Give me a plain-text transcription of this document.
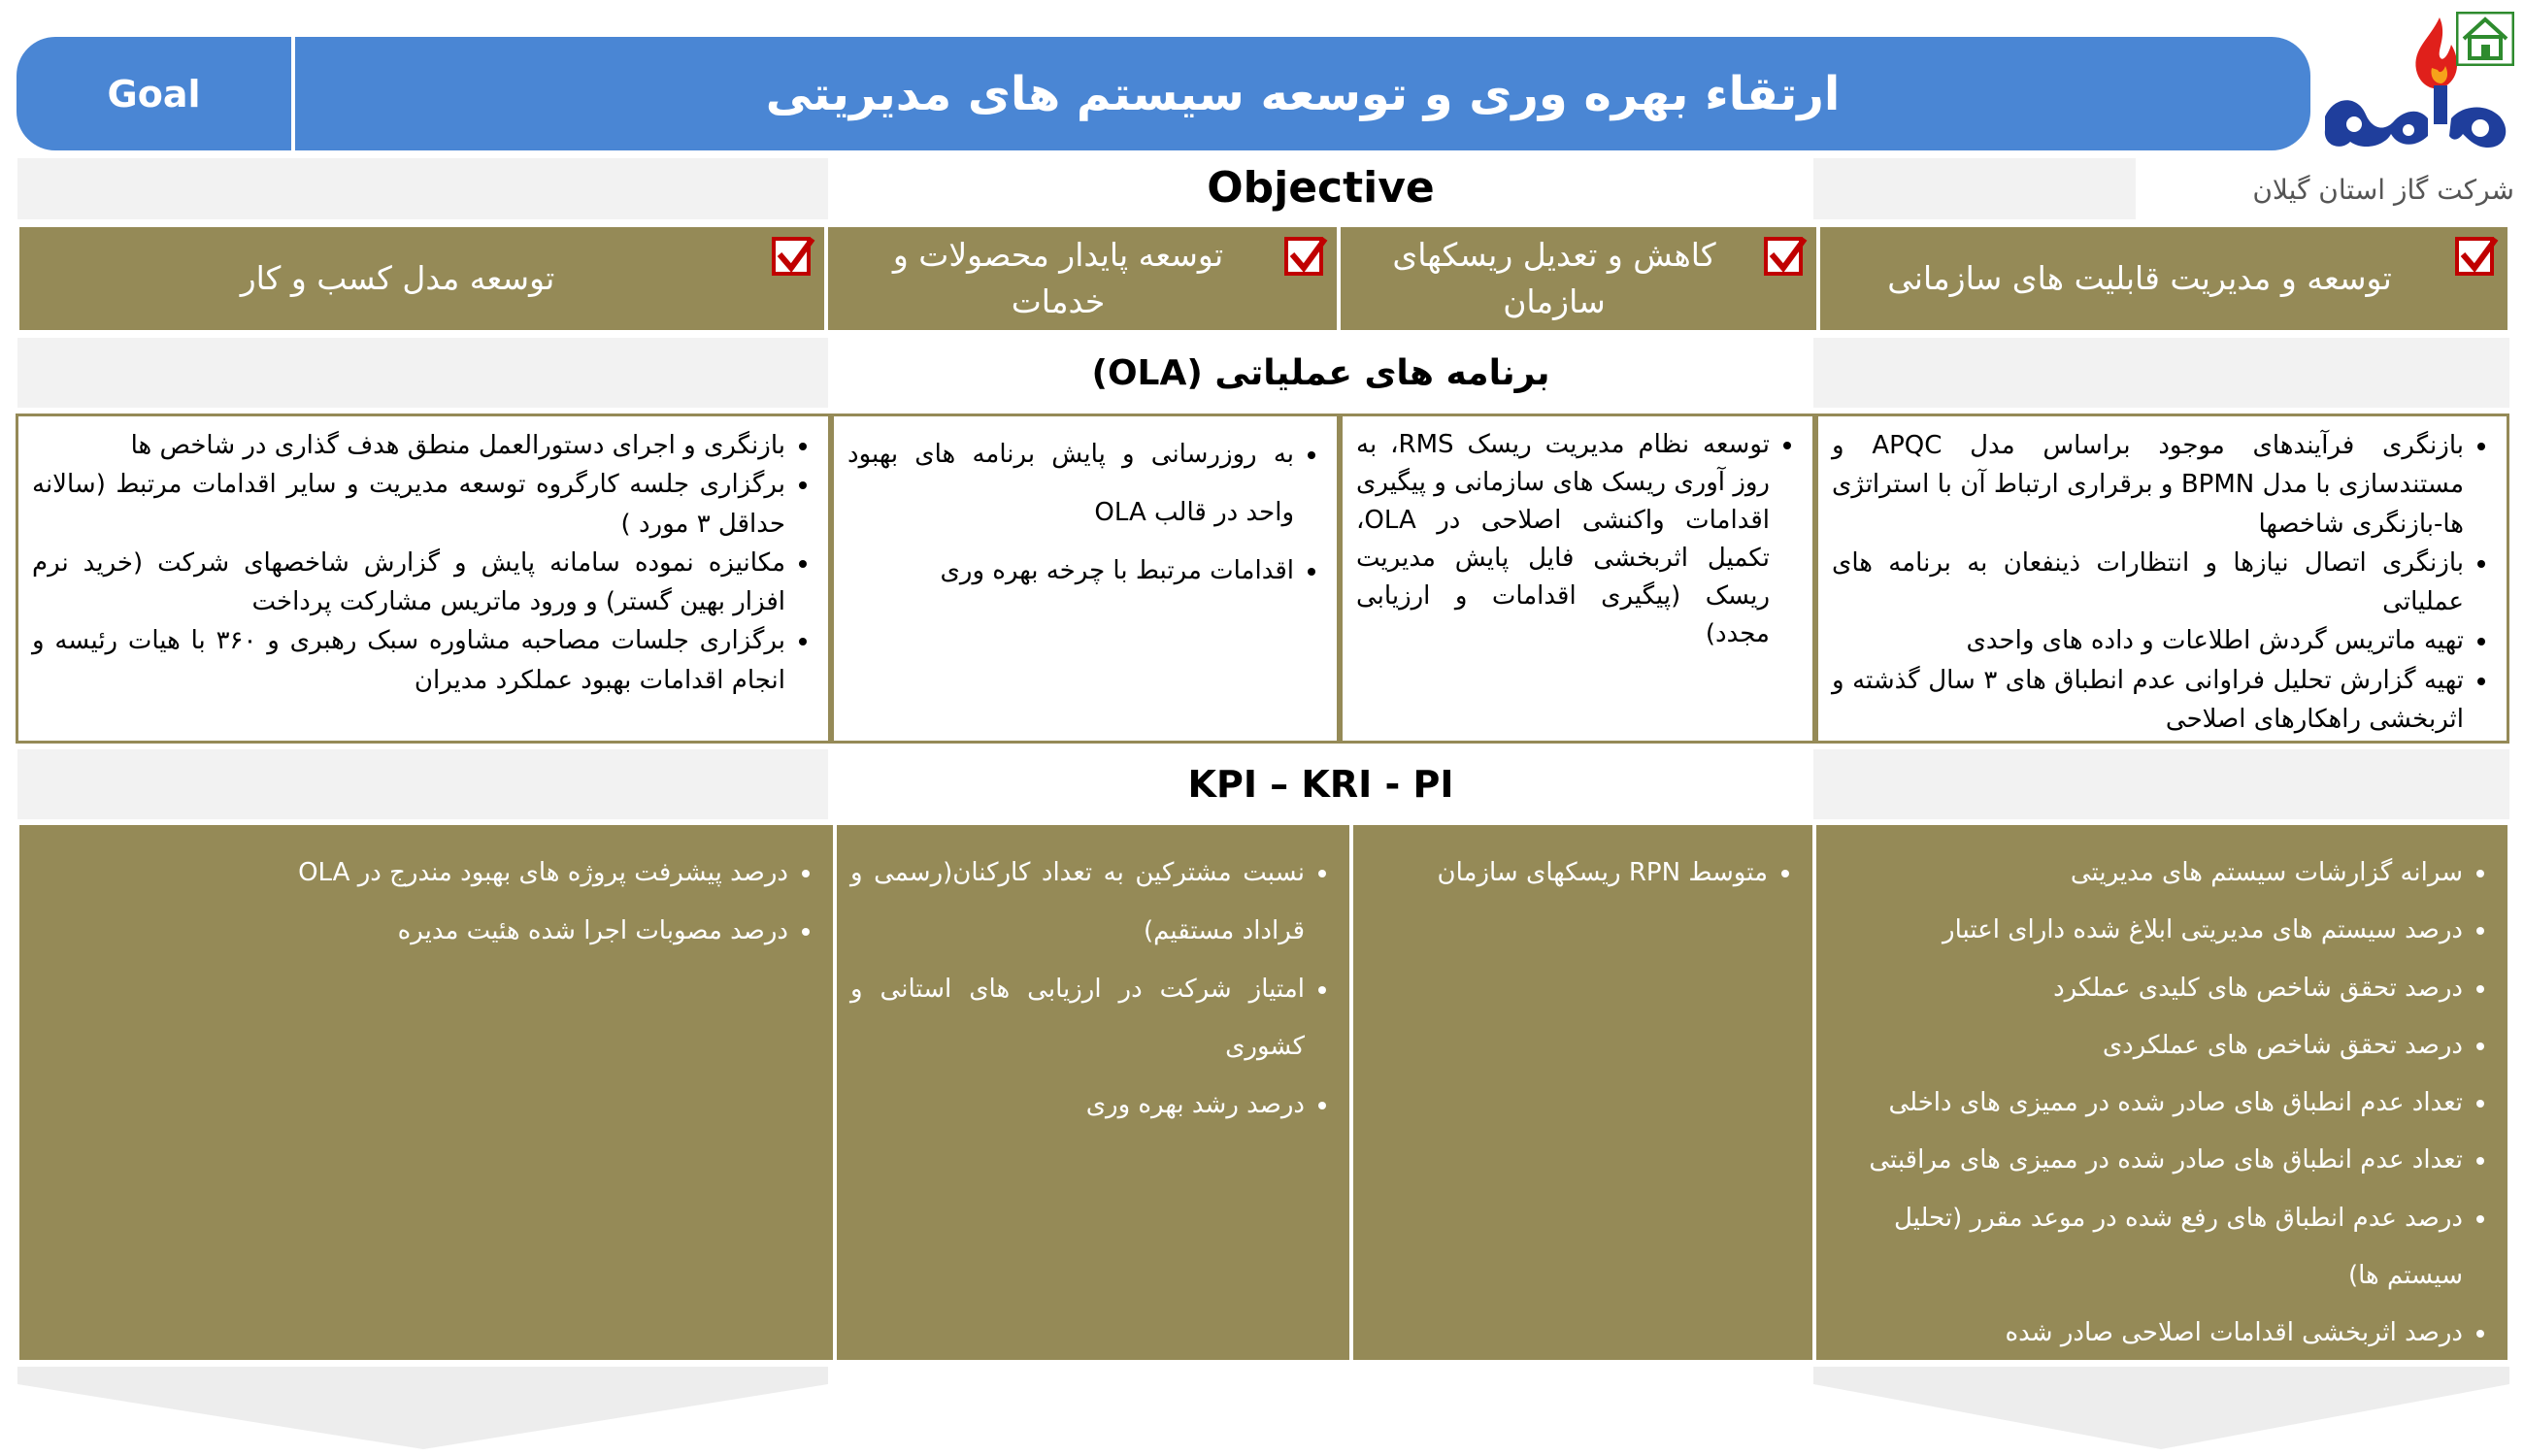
Goal	ارتقاء بهره وری و توسعه سیستم های مدیریتی
شرکت گاز استان گیلان
Objective
توسعه و مدیریت قابلیت های سازمانی
کاهش و تعدیل ریسکهای سازمان
توسعه پایدار محصولات و خدمات
توسعه مدل کسب و کار
برنامه های عملیاتی (OLA)
• بازنگری فرآیندهای موجود براساس مدل APQC و مستندسازی با مدل BPMN و برقراری ارتباط آن با استراتژی ها-بازنگری شاخصها
• بازنگری اتصال نیازها و انتظارات ذینفعان به برنامه های عملیاتی
• تهیه ماتریس گردش اطلاعات و داده های واحدی
• تهیه گزارش تحلیل فراوانی عدم انطباق های ۳ سال گذشته و اثربخشی راهکارهای اصلاحی
• توسعه نظام مدیریت ریسک RMS، به روز آوری ریسک های سازمانی و پیگیری اقدامات واکنشی اصلاحی در OLA، تکمیل اثربخشی فایل پایش مدیریت ریسک (پیگیری اقدامات و ارزیابی مجدد)
• به روزرسانی و پایش برنامه های بهبود واحد در قالب OLA
• اقدامات مرتبط با چرخه بهره وری
• بازنگری و اجرای دستورالعمل منطق هدف گذاری در شاخص ها
• برگزاری جلسه کارگروه توسعه مدیریت و سایر اقدامات مرتبط (سالانه حداقل ۳ مورد )
• مکانیزه نموده سامانه پایش و گزارش شاخصهای شرکت (خرید نرم افزار بهین گستر) و ورود ماتریس مشارکت پرداخت
• برگزاری جلسات مصاحبه مشاوره سبک رهبری و ۳۶۰ با هیات رئیسه و انجام اقدامات بهبود عملکرد مدیران
KPI – KRI - PI
• سرانه گزارشات سیستم های مدیریتی
• درصد سیستم های مدیریتی ابلاغ شده دارای اعتبار
• درصد تحقق شاخص های کلیدی عملکرد
• درصد تحقق شاخص های عملکردی
• تعداد عدم انطباق های صادر شده در ممیزی های داخلی
• تعداد عدم انطباق های صادر شده در ممیزی های مراقبتی
• درصد عدم انطباق های رفع شده در موعد مقرر (تحلیل سیستم ها)
• درصد اثربخشی اقدامات اصلاحی صادر شده
• متوسط RPN ریسکهای سازمان
• نسبت مشترکین به تعداد کارکنان(رسمی و قراداد مستقیم)
• امتیاز شرکت در ارزیابی های استانی و کشوری
• درصد رشد بهره وری
• درصد پیشرفت پروژه های بهبود مندرج در OLA
• درصد مصوبات اجرا شده هئیت مدیره
